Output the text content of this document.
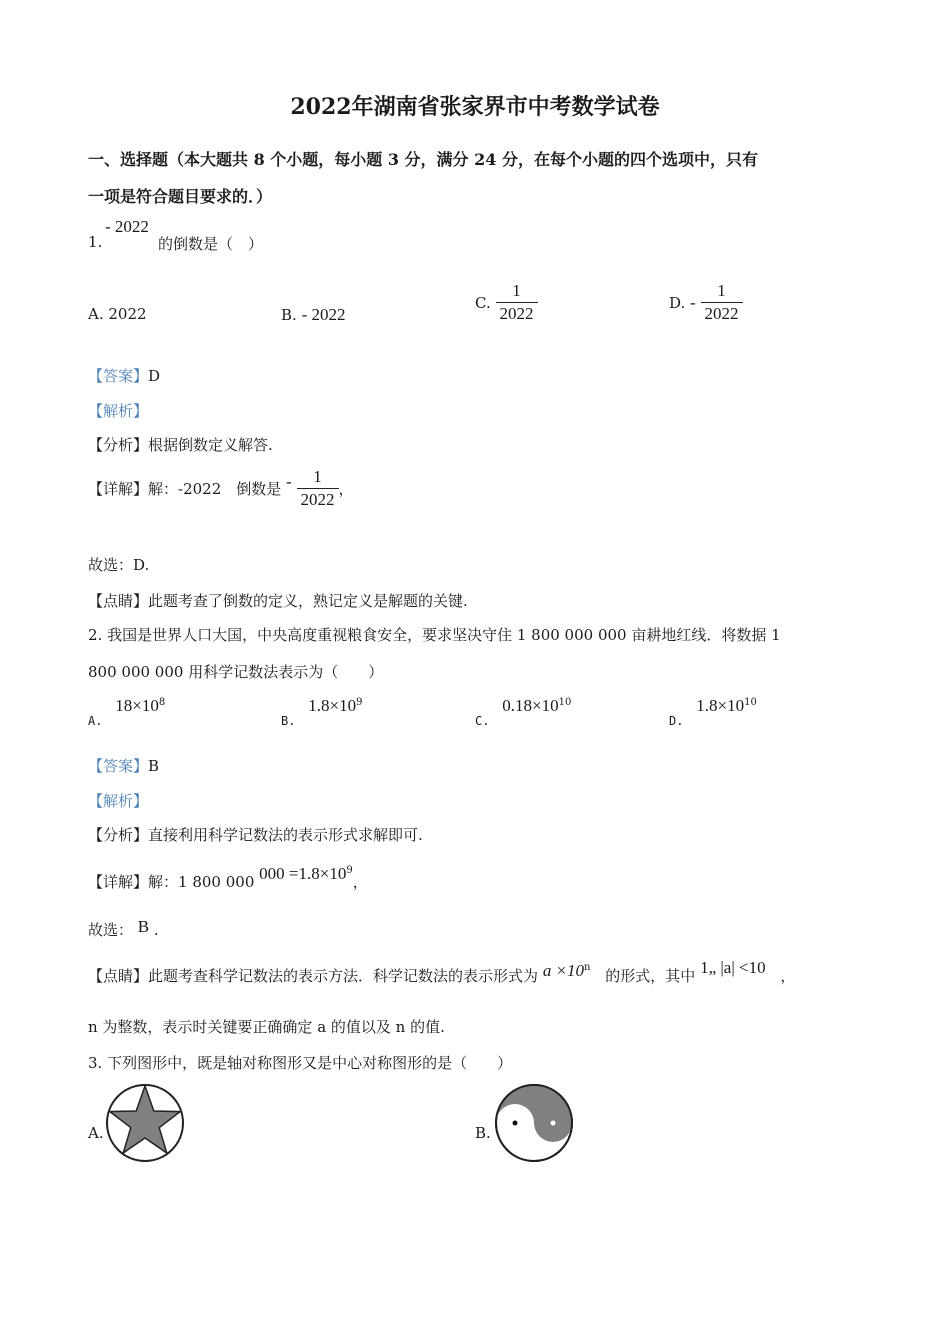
2022年湖南省张家界市中考数学试卷
一、选择题（本大题共 8 个小题，每小题 3 分，满分 24 分，在每个小题的四个选项中，只有
一项是符合题目要求的．）
1.
- 2022
的倒数是（　）
A. 2022	B. - 2022
C. $\frac{1}{2022}$	D. - $\frac{1}{2022}$
【答案】D
【解析】
【分析】根据倒数定义解答.
【详解】解：-2022　倒数是 - $\frac{1}{2022}$ ，
故选：D.
【点睛】此题考查了倒数的定义，熟记定义是解题的关键.
2. 我国是世界人口大国，中央高度重视粮食安全，要求坚决守住 1 800 000 000 亩耕地红线．将数据 1
800 000 000 用科学记数法表示为（　　）
$_{A.}$ $18\times 10^8$
$_{B.}$ $1.8\times 10^9$
$_{C.}$ $0.18\times 10^{10}$
$_{D.}$ $1.8\times 10^{10}$
【答案】B
【解析】
【分析】直接利用科学记数法的表示形式求解即可.
【详解】解：1 800 000 $000 =1.8\times 10^9$，
故选： B .
【点睛】此题考查科学记数法的表示方法．科学记数法的表示形式为 $a \times 10^n$ 的形式，其中 1„ |a| <10 ，
n 为整数，表示时关键要正确确定 a 的值以及 n 的值.
3. 下列图形中，既是轴对称图形又是中心对称图形的是（　　）
A.	B.
